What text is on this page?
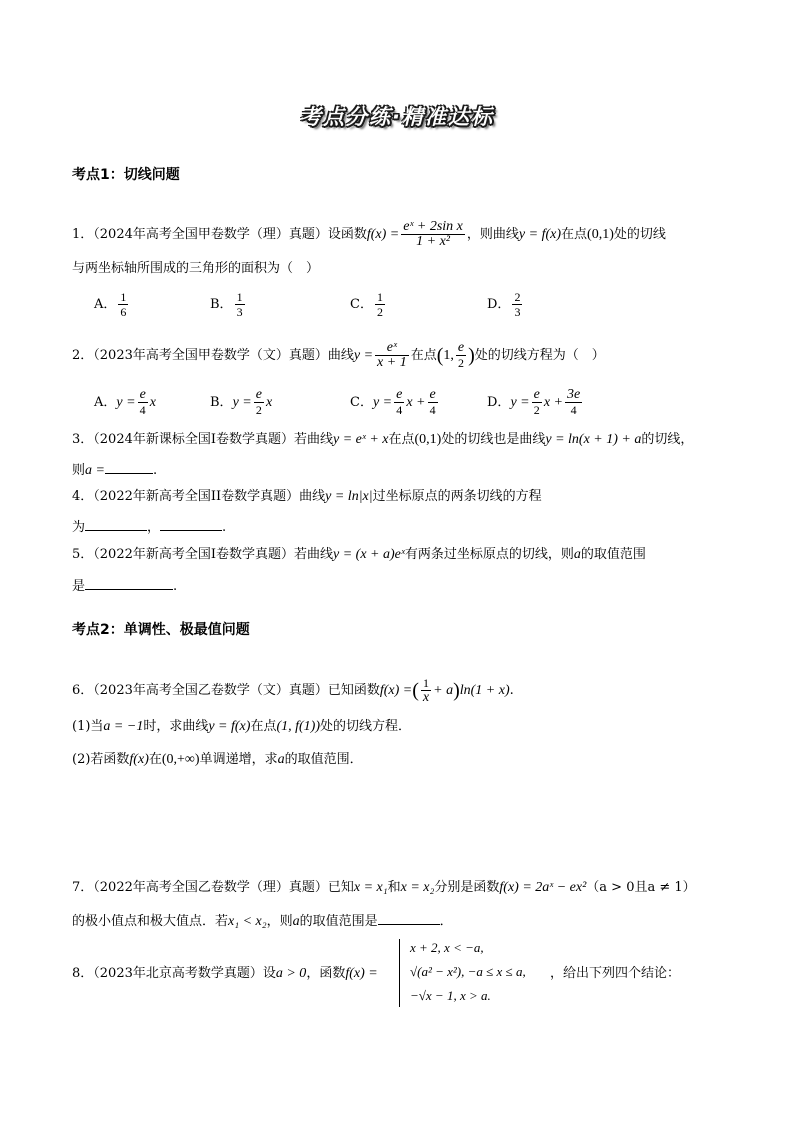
考点分练·精准达标
考点1：切线问题
1．（2024年高考全国甲卷数学（理）真题）设函数$f(x) = \frac{\text{eˣ + 2sin x}}{\text{1 + x²}}$ ，则曲线y = f(x)在点(0,1)处的切线
与两坐标轴所围成的三角形的面积为（　）
A． $\frac{1}{6}$	B． $\frac{1}{3}$	C． $\frac{1}{2}$	D． $\frac{2}{3}$
2．（2023年高考全国甲卷数学（文）真题）曲线$y = \frac{\text{eˣ}}{x + 1}$ 在点(1, $\frac{e}{2}$ )处的切线方程为（　）
A．$y = \frac{e}{4}$ x	B．$y = \frac{e}{2}$ x	C．$y = \frac{e}{4}$ $x + \frac{e}{4}$	D．$y = \frac{e}{2}$ $x + \frac{3e}{4}$
3．（2024年新课标全国Ⅰ卷数学真题）若曲线y = eˣ + x在点(0,1)处的切线也是曲线y = ln(x + 1) + a的切线，
则a =	.
4．（2022年新高考全国II卷数学真题）曲线y = ln|x|过坐标原点的两条切线的方程
为	，	.
5．（2022年新高考全国Ⅰ卷数学真题）若曲线y = (x + a)eˣ有两条过坐标原点的切线，则a的取值范围
是	.
考点2：单调性、极最值问题
6．（2023年高考全国乙卷数学（文）真题）已知函数f(x) =( $\frac{1}{x} + a)\ln(1 + x)$.
(1)当a = −1时，求曲线y = f(x)在点(1, f(1))处的切线方程．
(2)若函数f(x)在(0,+∞)单调递增，求a的取值范围．
7．（2022年高考全国乙卷数学（理）真题）已知x = x₁和x = x₂分别是函数f(x) = 2aˣ − ex²（a > 0且a ≠ 1）
的极小值点和极大值点．若x₁ < x₂，则a的取值范围是	．
8．（2023年北京高考数学真题）设a > 0，函数f(x) =
x + 2, x < −a,
√(a² − x²), −a ≤ x ≤ a,
−√x − 1, x > a.
，给出下列四个结论：
